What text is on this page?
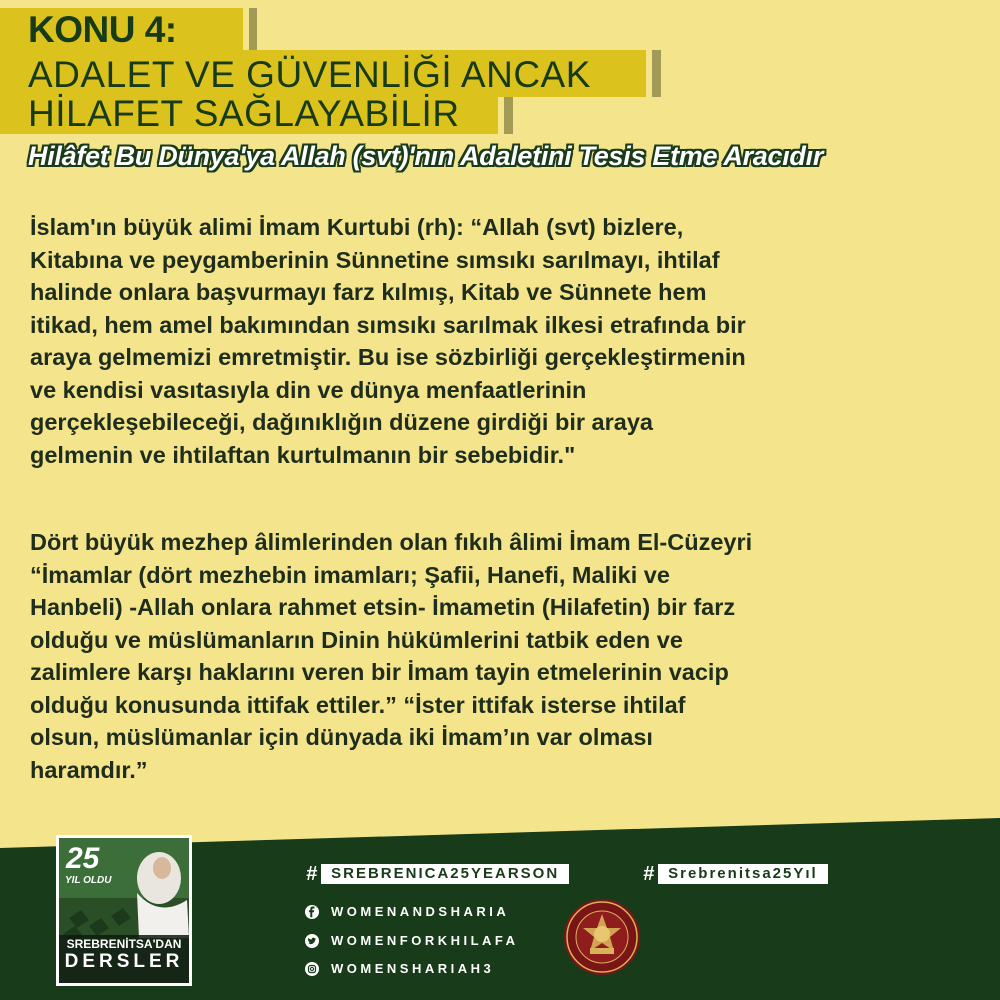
KONU 4:
ADALET VE GÜVENLİĞİ ANCAK
HİLAFET SAĞLAYABİLİR
Hilâfet Bu Dünya'ya Allah (svt)'nın Adaletini Tesis Etme Aracıdır
İslam'ın büyük alimi İmam Kurtubi (rh): “Allah (svt) bizlere,
Kitabına ve peygamberinin Sünnetine sımsıkı sarılmayı, ihtilaf
halinde onlara başvurmayı farz kılmış, Kitab ve Sünnete hem
itikad, hem amel bakımından sımsıkı sarılmak ilkesi etrafında bir
araya gelmemizi emretmiştir. Bu ise sözbirliği gerçekleştirmenin
ve kendisi vasıtasıyla din ve dünya menfaatlerinin
gerçekleşebileceği, dağınıklığın düzene girdiği bir araya
gelmenin ve ihtilaftan kurtulmanın bir sebebidir."
Dört büyük mezhep âlimlerinden olan fıkıh âlimi İmam El-Cüzeyri
“İmamlar (dört mezhebin imamları; Şafii, Hanefi, Maliki ve
Hanbeli) -Allah onlara rahmet etsin- İmametin (Hilafetin) bir farz
olduğu ve müslümanların Dinin hükümlerini tatbik eden ve
zalimlere karşı haklarını veren bir İmam tayin etmelerinin vacip
olduğu konusunda ittifak ettiler.” “İster ittifak isterse ihtilaf
olsun, müslümanlar için dünyada iki İmam’ın var olması
haramdır.”
25
YIL OLDU
SREBRENİTSA'DAN
DERSLER
# SREBRENICA25YEARSON	# Srebrenitsa25Yıl
WOMENANDSHARIA
WOMENFORKHILAFA
WOMENSHARIAH3
